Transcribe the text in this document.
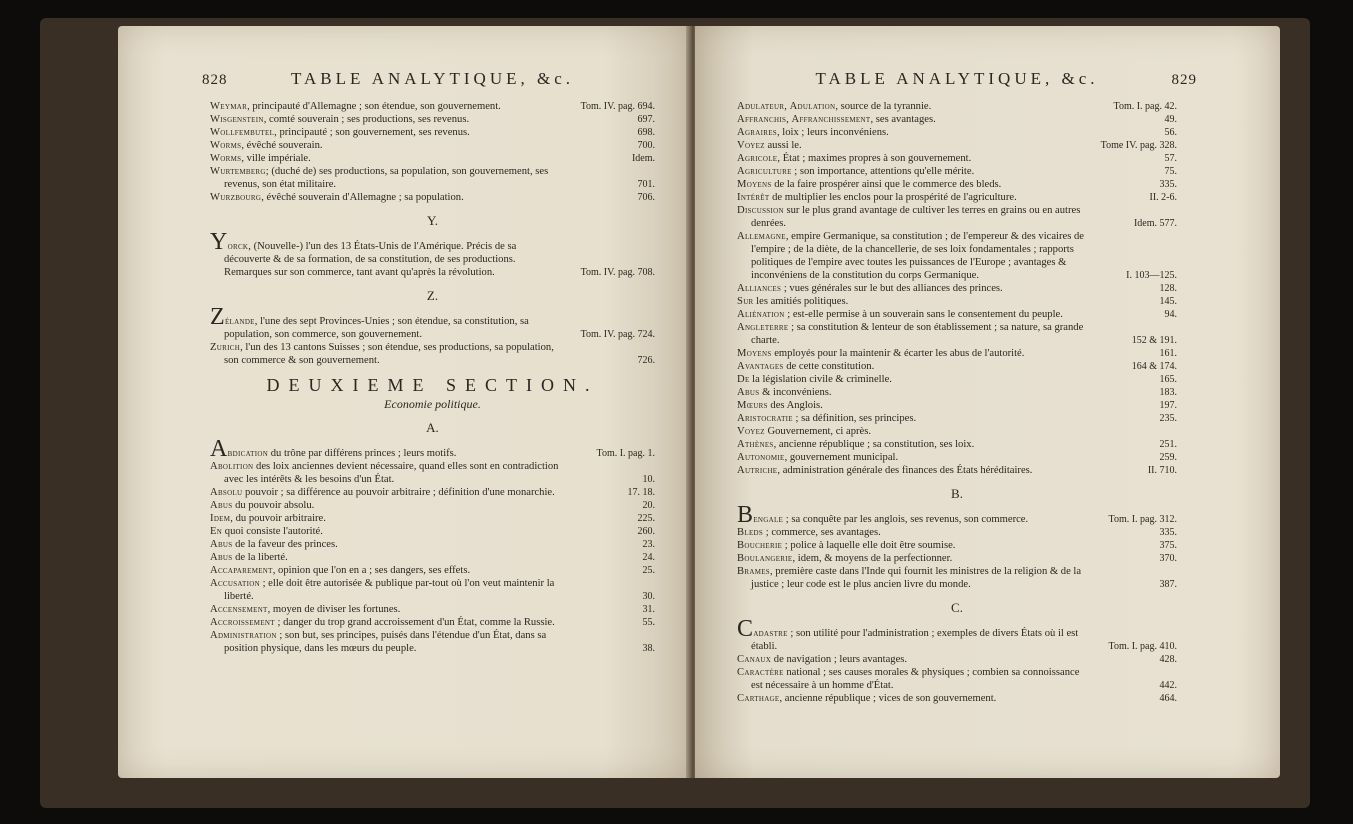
828	TABLE ANALYTIQUE, &c.

Weymar, principauté d'Allemagne ; son étendue, son gouvernement.	Tom. IV. pag. 694.

Wisgenstein, comté souverain ; ses productions, ses revenus.	697.

Wollfembutel, principauté ; son gouvernement, ses revenus.	698.

Worms, évêché souverain.	700.

Worms, ville impériale.	Idem.

Wurtemberg; (duché de) ses productions, sa population, son gouvernement, ses revenus, son état militaire.	701.

Wurzbourg, évêché souverain d'Allemagne ; sa population.	706.

Y.

Yorck, (Nouvelle-) l'un des 13 États-Unis de l'Amérique. Précis de sa découverte & de sa formation, de sa constitution, de ses productions. Remarques sur son commerce, tant avant qu'après la révolution.	Tom. IV. pag. 708.

Z.

Zélande, l'une des sept Provinces-Unies ; son étendue, sa constitution, sa population, son commerce, son gouvernement.	Tom. IV. pag. 724.

Zurich, l'un des 13 cantons Suisses ; son étendue, ses productions, sa population, son commerce & son gouvernement.	726.

DEUXIEME SECTION.
Economie politique.
A.

Abdication du trône par différens princes ; leurs motifs.	Tom. I. pag. 1.

Abolition des loix anciennes devient nécessaire, quand elles sont en contradiction avec les intérêts & les besoins d'un État.	10.

Absolu pouvoir ; sa différence au pouvoir arbitraire ; définition d'une monarchie.	17. 18.

Abus du pouvoir absolu.	20.

Idem, du pouvoir arbitraire.	225.

En quoi consiste l'autorité.	260.

Abus de la faveur des princes.	23.

Abus de la liberté.	24.

Accaparement, opinion que l'on en a ; ses dangers, ses effets.	25.

Accusation ; elle doit être autorisée & publique par-tout où l'on veut maintenir la liberté.	30.

Accensement, moyen de diviser les fortunes.	31.

Accroissement ; danger du trop grand accroissement d'un État, comme la Russie.	55.

Administration ; son but, ses principes, puisés dans l'étendue d'un État, dans sa position physique, dans les mœurs du peuple.	38.

TABLE ANALYTIQUE, &c.	829

Adulateur, Adulation, source de la tyrannie.	Tom. I. pag. 42.

Affranchis, Affranchissement, ses avantages.	49.

Agraires, loix ; leurs inconvéniens.	56.

Voyez aussi le.	Tome IV. pag. 328.

Agricole, État ; maximes propres à son gouvernement.	57.

Agriculture ; son importance, attentions qu'elle mérite.	75.

Moyens de la faire prospérer ainsi que le commerce des bleds.	335.

Intérêt de multiplier les enclos pour la prospérité de l'agriculture.	II. 2-6.

Discussion sur le plus grand avantage de cultiver les terres en grains ou en autres denrées.	Idem. 577.

Allemagne, empire Germanique, sa constitution ; de l'empereur & des vicaires de l'empire ; de la diète, de la chancellerie, de ses loix fondamentales ; rapports politiques de l'empire avec toutes les puissances de l'Europe ; avantages & inconvéniens de la constitution du corps Germanique.	I. 103—125.

Alliances ; vues générales sur le but des alliances des princes.	128.

Sur les amitiés politiques.	145.

Aliénation ; est-elle permise à un souverain sans le consentement du peuple.	94.

Angleterre ; sa constitution & lenteur de son établissement ; sa nature, sa grande charte.	152 & 191.

Moyens employés pour la maintenir & écarter les abus de l'autorité.	161.

Avantages de cette constitution.	164 & 174.

De la législation civile & criminelle.	165.

Abus & inconvéniens.	183.

Mœurs des Anglois.	197.

Aristocratie ; sa définition, ses principes.	235.

Voyez Gouvernement, ci après.

Athènes, ancienne république ; sa constitution, ses loix.	251.

Autonomie, gouvernement municipal.	259.

Autriche, administration générale des finances des États héréditaires.	II. 710.

B.

Bengale ; sa conquête par les anglois, ses revenus, son commerce.	Tom. I. pag. 312.

Bleds ; commerce, ses avantages.	335.

Boucherie ; police à laquelle elle doit être soumise.	375.

Boulangerie, idem, & moyens de la perfectionner.	370.

Brames, première caste dans l'Inde qui fournit les ministres de la religion & de la justice ; leur code est le plus ancien livre du monde.	387.

C.

Cadastre ; son utilité pour l'administration ; exemples de divers États où il est établi.	Tom. I. pag. 410.

Canaux de navigation ; leurs avantages.	428.

Caractère national ; ses causes morales & physiques ; combien sa connoissance est nécessaire à un homme d'État.	442.

Carthage, ancienne république ; vices de son gouvernement.	464.
